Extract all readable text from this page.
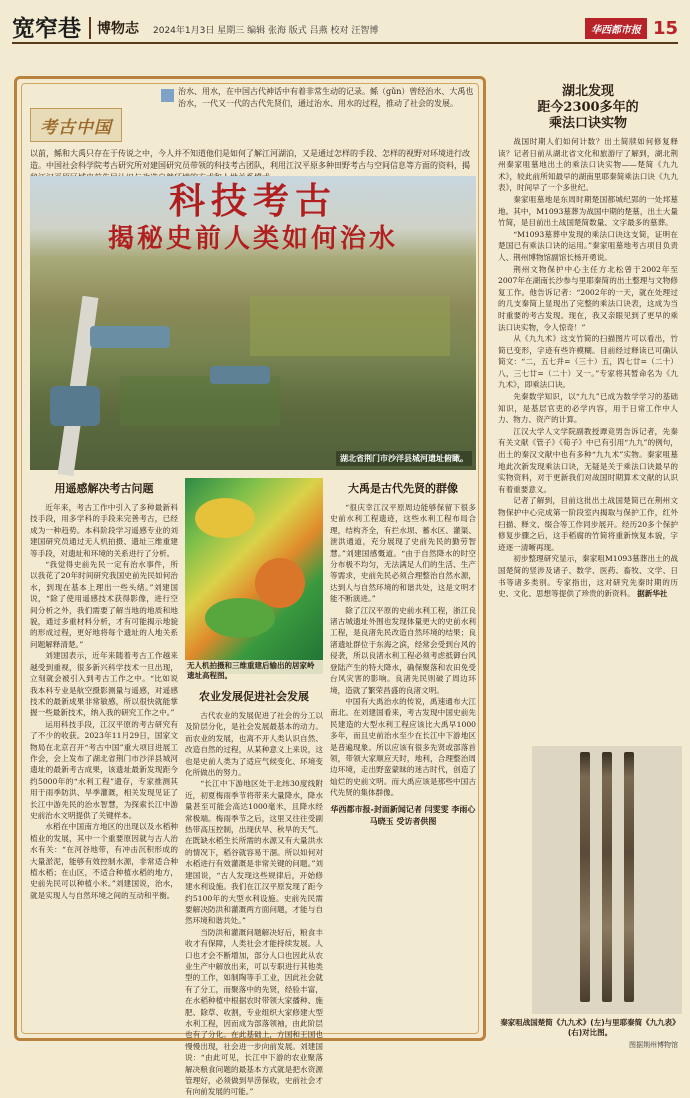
宽窄巷 博物志 2024年1月3日 星期三 编辑 张海 版式 吕燕 校对 汪智博	华西都市报 15
考古中国
治水、用水，在中国古代神话中有着非常生动的记录。鲧（gǔn）曾经治水、大禹也治水，一代又一代的古代先贤们，通过治水、用水的过程，推动了社会的发展。
以前，鲧和大禹只存在于传说之中，今人并不知道他们是如何了解江河湖泊，又是通过怎样的手段、怎样的视野对环境进行改造。中国社会科学院考古研究所对建国研究员带领的科技考古团队，利用江汉平原多种田野考古与空间信息等方面的资料，揭
湖北省荆门市沙洋县城河遗址俯瞰。
科技考古
揭秘史前人类如何治水
用遥感解决考古问题

近年来，考古工作中引入了多种最新科技手段，用多学科的手段来完善考古，已经成为一种趋势。本科阶段学习遥感专业的刘建国研究员通过无人机拍摄、遗址三维重建等手段，对遗址和环境的关系进行了分析。

“我觉得史前先民一定有治水事件，所以我花了20年时间研究我国史前先民如何治水，到现在基本上理出一些头绪。”刘建国说，“除了使用遥感技术获得影像，进行空间分析之外，我们需要了解当地的地质和地貌，通过多重材料分析，才有可能揭示地貌的形成过程，更好地将每个遗址的人地关系问题解释清楚。”

刘建国表示，近年来随着考古工作越来越受到重视，很多新兴科学技术一旦出现，立刻就会被引入到考古工作之中。“比如说我本科专业是航空摄影测量与遥感，对遥感技术的最新成果非常敏感，所以很快就能掌握一些最新技术，纳入我的研究工作之中。”

运用科技手段，江汉平原的考古研究有了不少的收获。2023年11月29日，国家文物局在北京召开“考古中国”重大项目进展工作会，会上发布了湖北省荆门市沙洋县城河遗址的最新考古成果，该遗址最新发现距今约5000年的“水利工程”遗存，专家推测其用于雨季防洪、旱季灌溉，相关发现见证了长江中游先民的治水智慧，为探索长江中游史前治水文明提供了关键样本。

水稻在中国南方地区的出现以及水稻种植业的发展，其中一个重要原因就与古人治水有关：“在河谷地带，有冲击沉积形成的大量淤泥，能够有效控制水源，非常适合种植水稻；在山区，不适合种植水稻的地方，史前先民可以种植小米。”刘建国说，治水，就是实现人与自然环境之间的互动和平衡。

无人机拍摄和三维重建后输出的居家岭遗址高程图。
农业发展促进社会发展

古代农业的发展促进了社会的分工以及阶层分化，是社会发展最基本的动力。而农业的发展，也离不开人类认识自然、改造自然的过程，从某种意义上来说，这也是史前人类为了适应气候变化、环境变化所做出的努力。

“长江中下游地区处于北纬30度线附近，初夏梅雨季节将带来大量降水，降水量甚至可能会高达1000毫米，且降水经常极端。梅雨季节之后，这里又往往受副热带高压控制，出现伏旱、秋旱的天气。在既缺水稻生长所需的水源又有大量洪水的情况下，稻谷就容易干涸。所以如何对水稻进行有效灌溉是非常关键的问题。”刘建国说，“古人发现这些规律后，开始修建水利设施。我们在江汉平原发现了距今约5100年的大型水利设施。史前先民需要解决防洪和灌溉两方面问题，才能与自然环境和谐共处。”

当防洪和灌溉问题解决好后，粮食丰收才有保障，人类社会才能持续发展。人口也才会不断增加，部分人口也因此从农业生产中解放出来，可以专职进行其他类型的工作，如制陶等手工业，因此社会就有了分工，而聚落中的先贤，经验丰富，在水稻种植中根据农时带领大家播种、施肥、除草、收割，专业组织大家修建大型水利工程，因而成为部落领袖，由此阶层也有了分化。在此基础上，方国和王国也慢慢出现，社会进一步向前发展。刘建国说：“由此可见，长江中下游的农业聚落解决粮食问题的最基本方式就是把水资源管理好，必须做到旱涝保收，史前社会才有向前发展的可能。”

大禹是古代先贤的群像

“很庆幸江汉平原周边能够保留下很多史前水利工程遗迹，这些水利工程布局合理，结构齐全，有拦水坝、蓄水区、灌渠、泄洪通道，充分展现了史前先民的勤劳智慧。”刘建国感慨道。“由于自然降水的时空分布极不均匀，无法满足人们的生活、生产等需求，史前先民必须合理整治自然水源，达到人与自然环境的和谐共处，这是文明才能不断演进。”

除了江汉平原的史前水利工程，浙江良渚古城遗址外围也发现体量更大的史前水利工程，是良渚先民改造自然环境的结果；良渚遗址群位于东海之滨，经常会受到台风的侵袭，所以良渚水利工程必须考虑抵御台风登陆产生的特大降水，确保聚落和农田免受台风灾害的影响。良渚先民则破了周边环境，造就了繁荣昌盛的良渚文明。

中国有大禹治水的传说，禹速通布大江南北。在刘建国看来，考古发现中国史前先民建造的大型水利工程应该比大禹早1000多年，而且史前治水至少在长江中下游地区是普遍现象。所以应该有很多先贤或部落首领，带领大家顺应天时，地利，合理整治周边环境，走出野蛮蒙昧的迷古时代，创造了灿烂的史前文明。而大禹应该是那些中国古代先贤的集体群像。

华西都市报-封面新闻记者 闫雯雯 李雨心 马晓玉 受访者供图
湖北发现
距今2300多年的
乘法口诀实物

战国时期人们如何计数？出土简牍如何修复释读？记者日前从湖北省文化和旅游厅了解到，湖北荆州秦家咀墓地出土的乘法口诀实物——楚简《九九术》，较此前所知最早的湖南里耶秦简乘法口诀《九九表》，时间早了一个多世纪。

秦家咀墓地是东周时期楚国都城纪郢的一处邦墓地。其中，M1093墓葬为战国中期的楚墓，出土大量竹简，是目前出土战国楚简数量、文字最多的墓葬。

“M1093墓葬中发现的乘法口诀这支简，证明在楚国已有乘法口诀的运用。”秦家咀墓地考古项目负责人、荆州博物馆副馆长杨开勇说。

荆州文物保护中心主任方北松曾于2002年至2007年在湖南长沙参与里耶秦简的出土整理与文物修复工作。他告诉记者：“2002年的一天，就在处理过的几支秦简上显现出了完整的乘法口诀表，这成为当时重要的考古发现。现在，我又亲眼见到了更早的乘法口诀实物，令人惊奇！”

从《九九术》这支竹简的扫描图片可以看出，竹简已变形，字迹有些许模糊。目前经过释读已可确认简文：“二，五七并=（三十）五，四七廿=（二十）八，三七廿=（二十）又一。”专家将其暂命名为《九九术》，即乘法口诀。

先秦数学知识，以“九九”已成为数学学习的基础知识，是基层官吏的必学内容，用于日常工作中人力、物力、资产的计算。

江汉大学人文学院副教授谭竞男告诉记者，先秦有关文献《管子》《荀子》中已有引用“九九”的例句，出土的秦汉文献中也有多种“九九术”实物。秦家咀墓地此次新发现乘法口诀，无疑是关于乘法口诀最早的实物资料，对于更新我们对战国时期算术文献的认识有着重要意义。

记者了解到，目前这批出土战国楚简已在荆州文物保护中心完成第一阶段室内揭取与保护工作，红外扫描、释文、缀合等工作同步展开。经历20多个保护修复步骤之后，这手稻腐的竹简将重新恢复本貌，字迹逐一清晰再现。

初步整理研究显示，秦家咀M1093墓葬出土的战国楚简的竖涉及诸子、数学、医药、畜牧、文学、日书等诸多类别。专家指出，这对研究先秦时期的历史、文化、思想等提供了珍贵的新资料。 据新华社

秦家咀战国楚简《九九术》(左)与里耶秦简《九九表》(右)对比图。
图据荆州博物馆
